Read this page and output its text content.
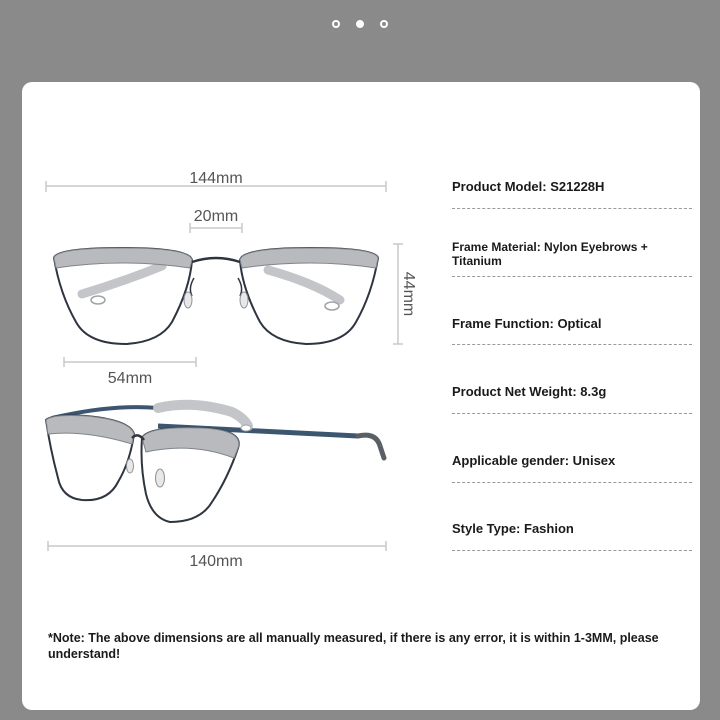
144mm
20mm
44mm
54mm
140mm
Product Model: S21228H
Frame Material: Nylon Eyebrows + Titanium
Frame Function: Optical
Product Net Weight: 8.3g
Applicable gender: Unisex
Style Type: Fashion
*Note: The above dimensions are all manually measured, if there is any error, it is within 1-3MM, please understand!
